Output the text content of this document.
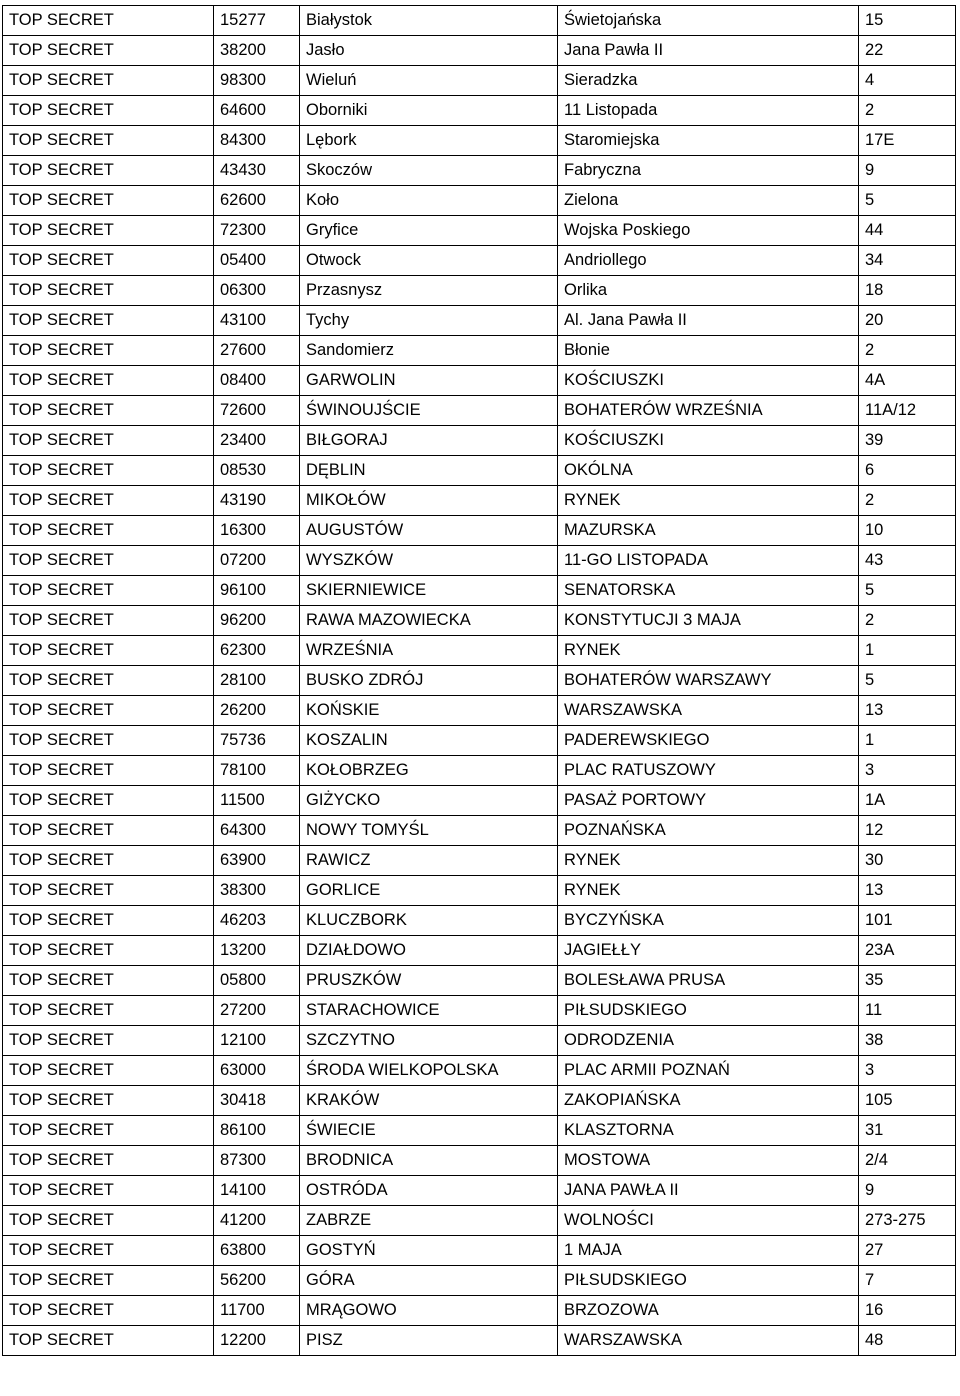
TOP SECRET	15277	Białystok	Świetojańska	15
TOP SECRET	38200	Jasło	Jana Pawła II	22
TOP SECRET	98300	Wieluń	Sieradzka	4
TOP SECRET	64600	Oborniki	11 Listopada	2
TOP SECRET	84300	Lębork	Staromiejska	17E
TOP SECRET	43430	Skoczów	Fabryczna	9
TOP SECRET	62600	Koło	Zielona	5
TOP SECRET	72300	Gryfice	Wojska Poskiego	44
TOP SECRET	05400	Otwock	Andriollego	34
TOP SECRET	06300	Przasnysz	Orlika	18
TOP SECRET	43100	Tychy	Al. Jana Pawła II	20
TOP SECRET	27600	Sandomierz	Błonie	2
TOP SECRET	08400	GARWOLIN	KOŚCIUSZKI	4A
TOP SECRET	72600	ŚWINOUJŚCIE	BOHATERÓW WRZEŚNIA	11A/12
TOP SECRET	23400	BIŁGORAJ	KOŚCIUSZKI	39
TOP SECRET	08530	DĘBLIN	OKÓLNA	6
TOP SECRET	43190	MIKOŁÓW	RYNEK	2
TOP SECRET	16300	AUGUSTÓW	MAZURSKA	10
TOP SECRET	07200	WYSZKÓW	11-GO LISTOPADA	43
TOP SECRET	96100	SKIERNIEWICE	SENATORSKA	5
TOP SECRET	96200	RAWA MAZOWIECKA	KONSTYTUCJI 3 MAJA	2
TOP SECRET	62300	WRZEŚNIA	RYNEK	1
TOP SECRET	28100	BUSKO ZDRÓJ	BOHATERÓW WARSZAWY	5
TOP SECRET	26200	KOŃSKIE	WARSZAWSKA	13
TOP SECRET	75736	KOSZALIN	PADEREWSKIEGO	1
TOP SECRET	78100	KOŁOBRZEG	PLAC RATUSZOWY	3
TOP SECRET	11500	GIŻYCKO	PASAŻ PORTOWY	1A
TOP SECRET	64300	NOWY TOMYŚL	POZNAŃSKA	12
TOP SECRET	63900	RAWICZ	RYNEK	30
TOP SECRET	38300	GORLICE	RYNEK	13
TOP SECRET	46203	KLUCZBORK	BYCZYŃSKA	101
TOP SECRET	13200	DZIAŁDOWO	JAGIEŁŁY	23A
TOP SECRET	05800	PRUSZKÓW	BOLESŁAWA PRUSA	35
TOP SECRET	27200	STARACHOWICE	PIŁSUDSKIEGO	11
TOP SECRET	12100	SZCZYTNO	ODRODZENIA	38
TOP SECRET	63000	ŚRODA WIELKOPOLSKA	PLAC ARMII POZNAŃ	3
TOP SECRET	30418	KRAKÓW	ZAKOPIAŃSKA	105
TOP SECRET	86100	ŚWIECIE	KLASZTORNA	31
TOP SECRET	87300	BRODNICA	MOSTOWA	2/4
TOP SECRET	14100	OSTRÓDA	JANA PAWŁA II	9
TOP SECRET	41200	ZABRZE	WOLNOŚCI	273-275
TOP SECRET	63800	GOSTYŃ	1 MAJA	27
TOP SECRET	56200	GÓRA	PIŁSUDSKIEGO	7
TOP SECRET	11700	MRĄGOWO	BRZOZOWA	16
TOP SECRET	12200	PISZ	WARSZAWSKA	48
